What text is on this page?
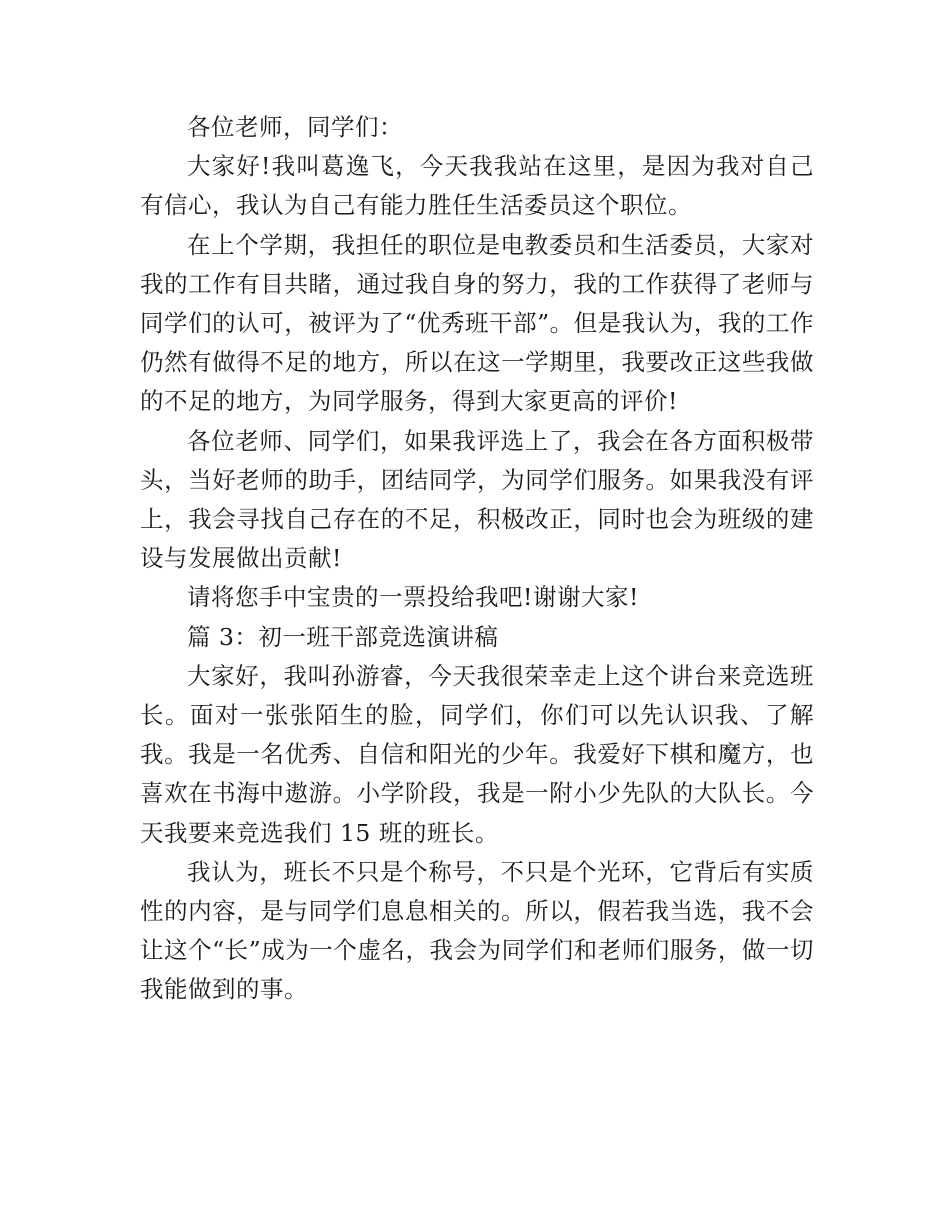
各位老师，同学们：

大家好!我叫葛逸飞，今天我我站在这里，是因为我对自己有信心，我认为自己有能力胜任生活委员这个职位。

在上个学期，我担任的职位是电教委员和生活委员，大家对我的工作有目共睹，通过我自身的努力，我的工作获得了老师与同学们的认可，被评为了“优秀班干部”。但是我认为，我的工作仍然有做得不足的地方，所以在这一学期里，我要改正这些我做的不足的地方，为同学服务，得到大家更高的评价!

各位老师、同学们，如果我评选上了，我会在各方面积极带头，当好老师的助手，团结同学，为同学们服务。如果我没有评上，我会寻找自己存在的不足，积极改正，同时也会为班级的建设与发展做出贡献!

请将您手中宝贵的一票投给我吧!谢谢大家!

篇 3：初一班干部竞选演讲稿

大家好，我叫孙游睿，今天我很荣幸走上这个讲台来竞选班长。面对一张张陌生的脸，同学们，你们可以先认识我、了解我。我是一名优秀、自信和阳光的少年。我爱好下棋和魔方，也喜欢在书海中遨游。小学阶段，我是一附小少先队的大队长。今天我要来竞选我们 15 班的班长。

我认为，班长不只是个称号，不只是个光环，它背后有实质性的内容，是与同学们息息相关的。所以，假若我当选，我不会让这个“长”成为一个虚名，我会为同学们和老师们服务，做一切我能做到的事。
